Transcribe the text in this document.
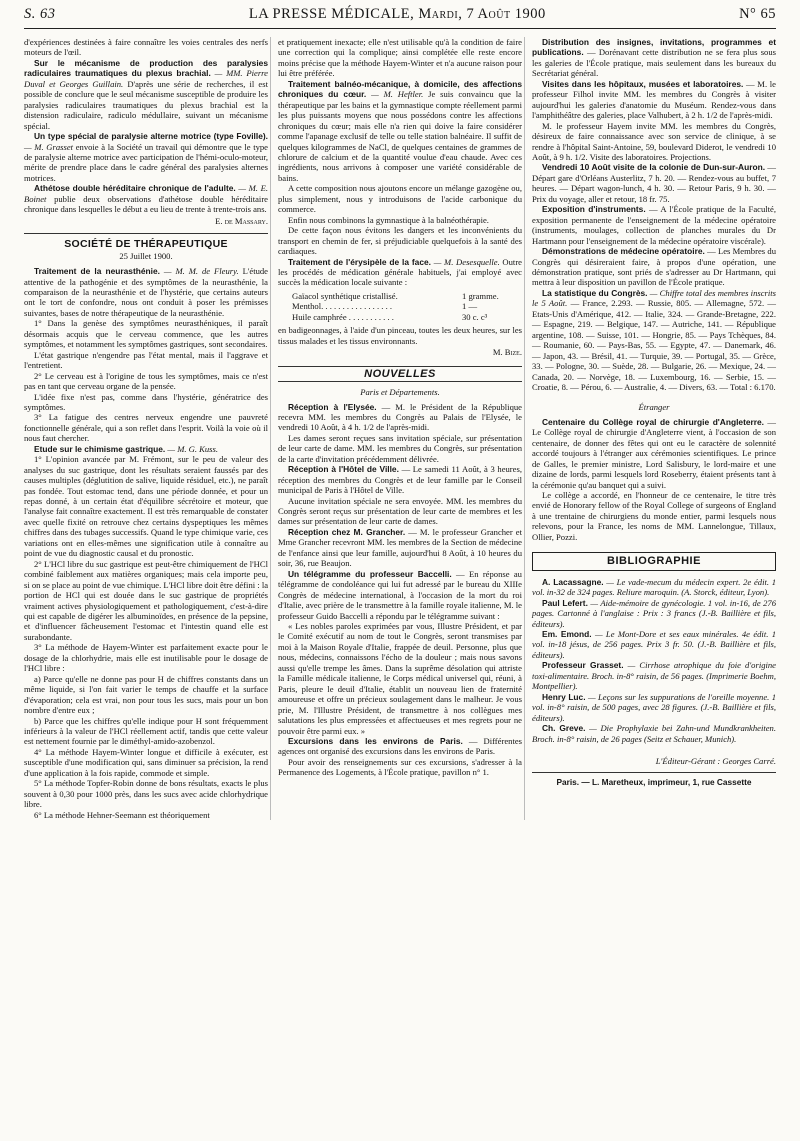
S. 63	LA PRESSE MÉDICALE, Mardi, 7 Août 1900	N° 65

d'expériences destinées à faire connaître les voies centrales des nerfs moteurs de l'œil.

Sur le mécanisme de production des paralysies radiculaires traumatiques du plexus brachial. — MM. Pierre Duval et Georges Guillain. D'après une série de recherches, il est possible de conclure que le seul mécanisme susceptible de produire les paralysies radiculaires traumatiques du plexus brachial est la distension radiculaire, radiculo médullaire, suivant un mécanisme spécial.

Un type spécial de paralysie alterne motrice (type Foville). — M. Grasset envoie à la Société un travail qui démontre que le type de paralysie alterne motrice avec participation de l'hémi-oculo-moteur, mérite de prendre place dans le cadre général des paralysies alternes motrices.

Athétose double héréditaire chronique de l'adulte. — M. E. Boinet publie deux observations d'athétose double héréditaire chronique dans lesquelles le début a eu lieu de trente à trente-trois ans.

E. de Massary.
SOCIÉTÉ DE THÉRAPEUTIQUE
25 Juillet 1900.

Traitement de la neurasthénie. — M. M. de Fleury. L'étude attentive de la pathogénie et des symptômes de la neurasthénie, la comparaison de la neurasthénie et de l'hystérie, que certains auteurs ont le tort de confondre, nous ont conduit à poser les prémisses suivantes, bases de notre thérapeutique de la neurasthénie.

1° Dans la genèse des symptômes neurasthéniques, il paraît désormais acquis que le cerveau commence, que les autres symptômes, et notamment les symptômes gastriques, sont secondaires.

L'état gastrique n'engendre pas l'état mental, mais il l'aggrave et l'entretient.

2° Le cerveau est à l'origine de tous les symptômes, mais ce n'est pas en tant que cerveau organe de la pensée.

L'idée fixe n'est pas, comme dans l'hystérie, génératrice des symptômes.

3° La fatigue des centres nerveux engendre une pauvreté fonctionnelle générale, qui a son reflet dans l'esprit. Voilà la voie où il nous faut chercher.

Etude sur le chimisme gastrique. — M. G. Kuss.

1° L'opinion avancée par M. Frémont, sur le peu de valeur des analyses du suc gastrique, dont les résultats seraient faussés par des causes multiples (déglutition de salive, liquide résiduel, etc.), ne paraît pas fondée. Tout estomac tend, dans une période donnée, et pour un repas donné, à un certain état d'équilibre sécrétoire et moteur, que l'analyse fait connaître exactement. Il est très remarquable de constater avec quelle fixité on retrouve chez certains dyspeptiques les mêmes chiffres dans des tubages successifs. Quand le type chimique varie, ces variations ont en elles-mêmes une signification utile à connaître au point de vue du diagnostic causal et du pronostic.

2° L'HCl libre du suc gastrique est peut-être chimiquement de l'HCl combiné faiblement aux matières organiques; mais cela importe peu, si on se place au point de vue chimique. L'HCl libre doit être défini : la portion de HCl qui est douée dans le suc gastrique de propriétés vraiment actives physiologiquement et pathologiquement, c'est-à-dire qui est capable de digérer les albuminoïdes, en présence de la pepsine, et d'influencer fâcheusement l'estomac et l'intestin quand elle est surabondante.

3° La méthode de Hayem-Winter est parfaitement exacte pour le dosage de la chlorhydrie, mais elle est inutilisable pour le dosage de l'HCl libre :

a) Parce qu'elle ne donne pas pour H de chiffres constants dans un même liquide, si l'on fait varier le temps de chauffe et la surface d'évaporation; cela est vrai, non pour tous les sucs, mais pour un bon nombre d'entre eux ;

b) Parce que les chiffres qu'elle indique pour H sont fréquemment inférieurs à la valeur de l'HCl réellement actif, tandis que cette valeur est nettement fournie par le diméthyl-amido-azobenzol.

4° La méthode Hayem-Winter longue et difficile à exécuter, est susceptible d'une modification qui, sans diminuer sa précision, la rend d'une application à la fois rapide, commode et simple.

5° La méthode Topfer-Robin donne de bons résultats, exacts le plus souvent à 0,30 pour 1000 près, dans les sucs avec acide chlorhydrique libre.

6° La méthode Hehner-Seemann est théoriquement

et pratiquement inexacte; elle n'est utilisable qu'à la condition de faire une correction qui la complique; ainsi complétée elle reste encore moins précise que la méthode Hayem-Winter et n'a aucune raison pour lui être préférée.

Traitement balnéo-mécanique, à domicile, des affections chroniques du cœur. — M. Heftler. Je suis convaincu que la thérapeutique par les bains et la gymnastique compte réellement parmi les plus puissants moyens que nous possédons contre les affections chroniques du cœur; mais elle n'a rien qui doive la faire considérer comme l'apanage exclusif de telle ou telle station balnéaire. Il suffit de quelques kilogrammes de NaCl, de quelques centaines de grammes de chlorure de calcium et de la quantité voulue d'eau chaude. Avec ces ingrédients, nous arrivons à composer une variété considérable de bains.

A cette composition nous ajoutons encore un mélange gazogène ou, plus simplement, nous y introduisons de l'acide carbonique du commerce.

Enfin nous combinons la gymnastique à la balnéothérapie.

De cette façon nous évitons les dangers et les inconvénients du transport en chemin de fer, si préjudiciable quelquefois à la santé des cardiaques.

Traitement de l'érysipèle de la face. — M. Desesquelle. Outre les procédés de médication générale habituels, j'ai employé avec succès la médication locale suivante :

Gaïacol synthétique cristallisé.	1 gramme.
Menthol. . . . . . . . . . . . . . . . .	1 —
Huile camphrée . . . . . . . . . . .	30 c. c³

en badigeonnages, à l'aide d'un pinceau, toutes les deux heures, sur les tissus malades et les tissus environnants.

M. Bize.
NOUVELLES
Paris et Départements.

Réception à l'Elysée. — M. le Président de la République recevra MM. les membres du Congrès au Palais de l'Elysée, le vendredi 10 Août, à 4 h. 1/2 de l'après-midi.

Les dames seront reçues sans invitation spéciale, sur présentation de leur carte de dame. MM. les membres du Congrès, sur présentation de la carte d'invitation précédemment délivrée.

Réception à l'Hôtel de Ville. — Le samedi 11 Août, à 3 heures, réception des membres du Congrès et de leur famille par le Conseil municipal de Paris à l'Hôtel de Ville.

Aucune invitation spéciale ne sera envoyée. MM. les membres du Congrès seront reçus sur présentation de leur carte de membres et les dames sur présentation de leur carte de dames.

Réception chez M. Grancher. — M. le professeur Grancher et Mme Grancher recevront MM. les membres de la Section de médecine de l'enfance ainsi que leur famille, aujourd'hui 8 Août, à 10 heures du soir, 36, rue Beaujon.

Un télégramme du professeur Baccelli. — En réponse au télégramme de condoléance qui lui fut adressé par le bureau du XIIIe Congrès de médecine international, à l'occasion de la mort du roi d'Italie, avec prière de le transmettre à la famille royale italienne, M. le professeur Guido Baccelli a répondu par le télégramme suivant :

« Les nobles paroles exprimées par vous, Illustre Président, et par le Comité exécutif au nom de tout le Congrès, seront transmises par moi à la Maison Royale d'Italie, frappée de deuil. Personne, plus que nous, médecins, connaissons l'écho de la douleur ; mais nous savons aussi qu'elle trempe les âmes. Dans la suprême désolation qui attriste la Famille médicale italienne, le Corps médical universel qui, réuni, à Paris, pleure le deuil d'Italie, établit un nouveau lien de fraternité amoureuse et offre un précieux soulagement dans le malheur. Je vous prie, M. l'Illustre Président, de transmettre à nos collègues mes salutations les plus empressées et affectueuses et mes regrets pour ne pouvoir être parmi eux. »

Excursions dans les environs de Paris. — Différentes agences ont organisé des excursions dans les environs de Paris.

Pour avoir des renseignements sur ces excursions, s'adresser à la Permanence des Logements, à l'École pratique, pavillon n° 1.

Distribution des insignes, invitations, programmes et publications. — Dorénavant cette distribution ne se fera plus sous les galeries de l'École pratique, mais seulement dans les bureaux du Secrétariat général.

Visites dans les hôpitaux, musées et laboratoires. — M. le professeur Filhol invite MM. les membres du Congrès à visiter aujourd'hui les galeries d'anatomie du Muséum. Rendez-vous dans l'amphithéâtre des galeries, place Valhubert, à 2 h. 1/2 de l'après-midi.

M. le professeur Hayem invite MM. les membres du Congrès, désireux de faire connaissance avec son service de clinique, à se rendre à l'hôpital Saint-Antoine, 59, boulevard Diderot, le vendredi 10 Août, à 9 h. 1/2. Visite des laboratoires. Projections.

Vendredi 10 Août visite de la colonie de Dun-sur-Auron. — Départ gare d'Orléans Austerlitz, 7 h. 20. — Rendez-vous au buffet, 7 heures. — Départ wagon-lunch, 4 h. 30. — Retour Paris, 9 h. 30. — Prix du voyage, aller et retour, 18 fr. 75.

Exposition d'instruments. — A l'École pratique de la Faculté, exposition permanente de l'enseignement de la médecine opératoire (instruments, moulages, collection de planches murales du Dr Hartmann pour l'enseignement de la médecine opératoire viscérale).

Démonstrations de médecine opératoire. — Les Membres du Congrès qui désireraient faire, à propos d'une opération, une démonstration pratique, sont priés de s'adresser au Dr Hartmann, qui mettra à leur disposition un pavillon de l'École pratique.

La statistique du Congrès. — Chiffre total des membres inscrits le 5 Août. — France, 2.293. — Russie, 805. — Allemagne, 572. — Etats-Unis d'Amérique, 412. — Italie, 324. — Grande-Bretagne, 222. — Espagne, 219. — Belgique, 147. — Autriche, 141. — République argentine, 108. — Suisse, 101. — Hongrie, 85. — Pays Tchèques, 84. — Roumanie, 60. — Pays-Bas, 55. — Egypte, 47. — Danemark, 46. — Japon, 43. — Brésil, 41. — Turquie, 39. — Portugal, 35. — Grèce, 33. — Pologne, 30. — Suède, 28. — Bulgarie, 26. — Mexique, 24. — Canada, 20. — Norvège, 18. — Luxembourg, 16. — Serbie, 15. — Croatie, 8. — Pérou, 6. — Australie, 4. — Divers, 63. — Total : 6.170.

Étranger

Centenaire du Collège royal de chirurgie d'Angleterre. — Le Collège royal de chirurgie d'Angleterre vient, à l'occasion de son centenaire, de donner des fêtes qui ont eu le caractère de solennité accordé toujours à l'étranger aux cérémonies scientifiques. Le prince de Galles, le premier ministre, Lord Salisbury, le lord-maire et une dizaine de lords, parmi lesquels lord Roseberry, étaient présents tant à la cérémonie qu'au banquet qui a suivi.

Le collège a accordé, en l'honneur de ce centenaire, le titre très envié de Honorary fellow of the Royal College of surgeons of England à une trentaine de chirurgiens du monde entier, parmi lesquels nous relevons, pour la France, les noms de MM. Lannelongue, Tillaux, Ollier, Pozzi.

BIBLIOGRAPHIE

A. Lacassagne. — Le vade-mecum du médecin expert. 2e édit. 1 vol. in-32 de 324 pages. Reliure maroquin. (A. Storck, éditeur, Lyon).

Paul Lefert. — Aide-mémoire de gynécologie. 1 vol. in-16, de 276 pages. Cartonné à l'anglaise : Prix : 3 francs (J.-B. Baillière et fils, éditeurs).

Em. Emond. — Le Mont-Dore et ses eaux minérales. 4e édit. 1 vol. in-18 jésus, de 256 pages. Prix 3 fr. 50. (J.-B. Baillière et fils, éditeurs).

Professeur Grasset. — Cirrhose atrophique du foie d'origine toxi-alimentaire. Broch. in-8° raisin, de 56 pages. (Imprimerie Boehm, Montpellier).

Henry Luc. — Leçons sur les suppurations de l'oreille moyenne. 1 vol. in-8° raisin, de 500 pages, avec 28 figures. (J.-B. Baillière et fils, éditeurs).

Ch. Greve. — Die Prophylaxie bei Zahn-und Mundkrankheiten. Broch. in-8° raisin, de 26 pages (Seitz et Schauer, Munich).

L'Éditeur-Gérant : Georges Carré.
Paris. — L. Maretheux, imprimeur, 1, rue Cassette
